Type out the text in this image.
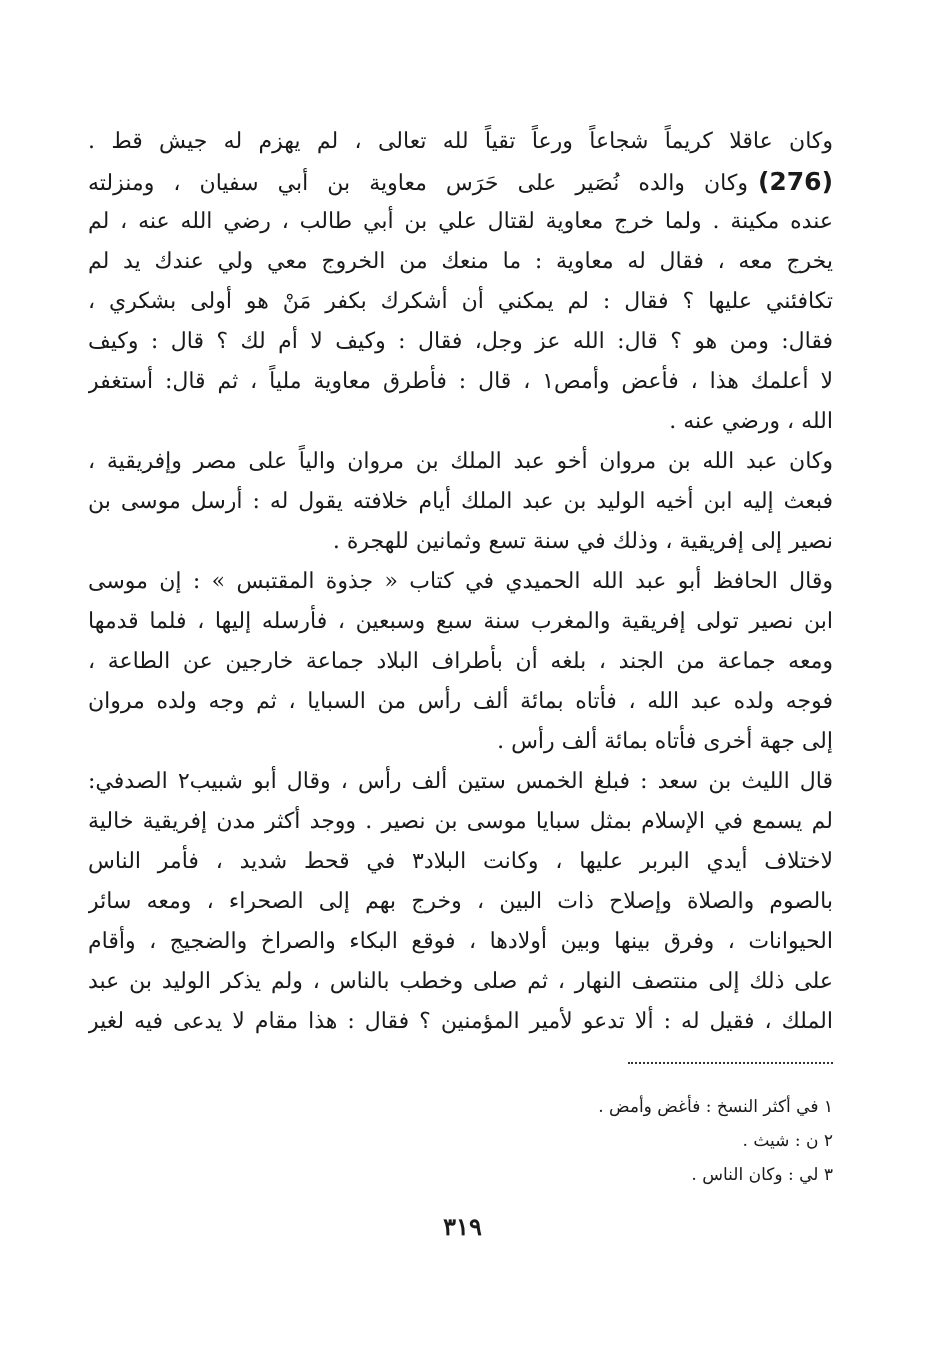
وكان عاقلا كريماً شجاعاً ورعاً تقياً لله تعالى ، لم يهزم له جيش قط .
(276)وكان والده نُصَير على حَرَس معاوية بن أبي سفيان ، ومنزلته
عنده مكينة . ولما خرج معاوية لقتال علي بن أبي طالب ، رضي الله عنه ، لم
يخرج معه ، فقال له معاوية : ما منعك من الخروج معي ولي عندك يد لم
تكافئني عليها ؟ فقال : لم يمكني أن أشكرك بكفر مَنْ هو أولى بشكري ،
فقال: ومن هو ؟ قال: الله عز وجل، فقال : وكيف لا أم لك ؟ قال : وكيف
لا أعلمك هذا ، فأعض وأمص١ ، قال : فأطرق معاوية ملياً ، ثم قال: أستغفر
الله ، ورضي عنه .
وكان عبد الله بن مروان أخو عبد الملك بن مروان والياً على مصر وإفريقية ،
فبعث إليه ابن أخيه الوليد بن عبد الملك أيام خلافته يقول له : أرسل موسى بن
نصير إلى إفريقية ، وذلك في سنة تسع وثمانين للهجرة .
وقال الحافظ أبو عبد الله الحميدي في كتاب « جذوة المقتبس » : إن موسى
ابن نصير تولى إفريقية والمغرب سنة سبع وسبعين ، فأرسله إليها ، فلما قدمها
ومعه جماعة من الجند ، بلغه أن بأطراف البلاد جماعة خارجين عن الطاعة ،
فوجه ولده عبد الله ، فأتاه بمائة ألف رأس من السبايا ، ثم وجه ولده مروان
إلى جهة أخرى فأتاه بمائة ألف رأس .
قال الليث بن سعد : فبلغ الخمس ستين ألف رأس ، وقال أبو شبيب٢ الصدفي:
لم يسمع في الإسلام بمثل سبايا موسى بن نصير . ووجد أكثر مدن إفريقية خالية
لاختلاف أيدي البربر عليها ، وكانت البلاد٣ في قحط شديد ، فأمر الناس
بالصوم والصلاة وإصلاح ذات البين ، وخرج بهم إلى الصحراء ، ومعه سائر
الحيوانات ، وفرق بينها وبين أولادها ، فوقع البكاء والصراخ والضجيج ، وأقام
على ذلك إلى منتصف النهار ، ثم صلى وخطب بالناس ، ولم يذكر الوليد بن عبد
الملك ، فقيل له : ألا تدعو لأمير المؤمنين ؟ فقال : هذا مقام لا يدعى فيه لغير
١ في أكثر النسخ : فأغض وأمض .
٢ ن : شيث .
٣ لي : وكان الناس .
٣١٩
